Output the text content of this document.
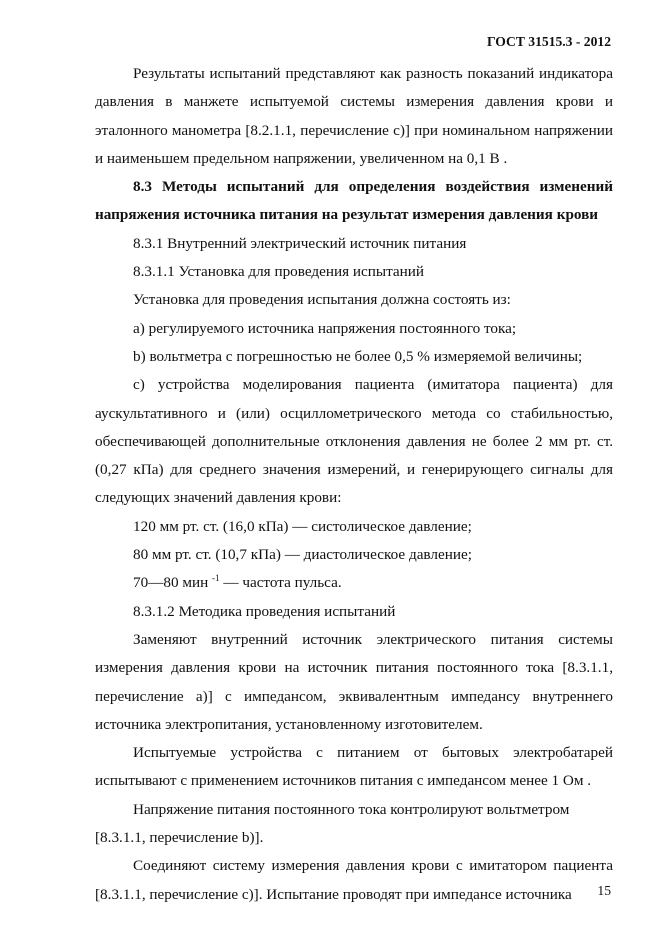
ГОСТ 31515.3 - 2012

Результаты испытаний представляют как разность показаний индикатора давления в манжете испытуемой системы измерения давления крови и эталонного манометра [8.2.1.1, перечисление с)] при номинальном напряжении и наименьшем предельном напряжении, увеличенном на 0,1 В .

8.3 Методы испытаний для определения воздействия изменений напряжения источника питания на результат измерения давления крови

8.3.1 Внутренний электрический источник питания

8.3.1.1 Установка для проведения испытаний

Установка для проведения испытания должна состоять из:

а) регулируемого источника напряжения постоянного тока;

b) вольтметра с погрешностью не более 0,5 % измеряемой величины;

с) устройства моделирования пациента (имитатора пациента) для аускультативного и (или) осциллометрического метода со стабильностью, обеспечивающей дополнительные отклонения давления не более 2 мм рт. ст. (0,27 кПа) для среднего значения измерений, и генерирующего сигналы для следующих значений давления крови:

120 мм рт. ст. (16,0 кПа) — систолическое давление;

80 мм рт. ст. (10,7 кПа) — диастолическое давление;

70—80 мин $^{-1}$ — частота пульса.

8.3.1.2 Методика проведения испытаний

Заменяют внутренний источник электрического питания системы измерения давления крови на источник питания постоянного тока [8.3.1.1, перечисление а)] с импедансом, эквивалентным импедансу внутреннего источника электропитания, установленному изготовителем.

Испытуемые устройства с питанием от бытовых электробатарей испытывают с применением источников питания с импедансом менее 1 Ом .

Напряжение питания постоянного тока контролируют вольтметром

[8.3.1.1, перечисление b)].

Соединяют систему измерения давления крови с имитатором пациента [8.3.1.1, перечисление с)]. Испытание проводят при импедансе источника	15
